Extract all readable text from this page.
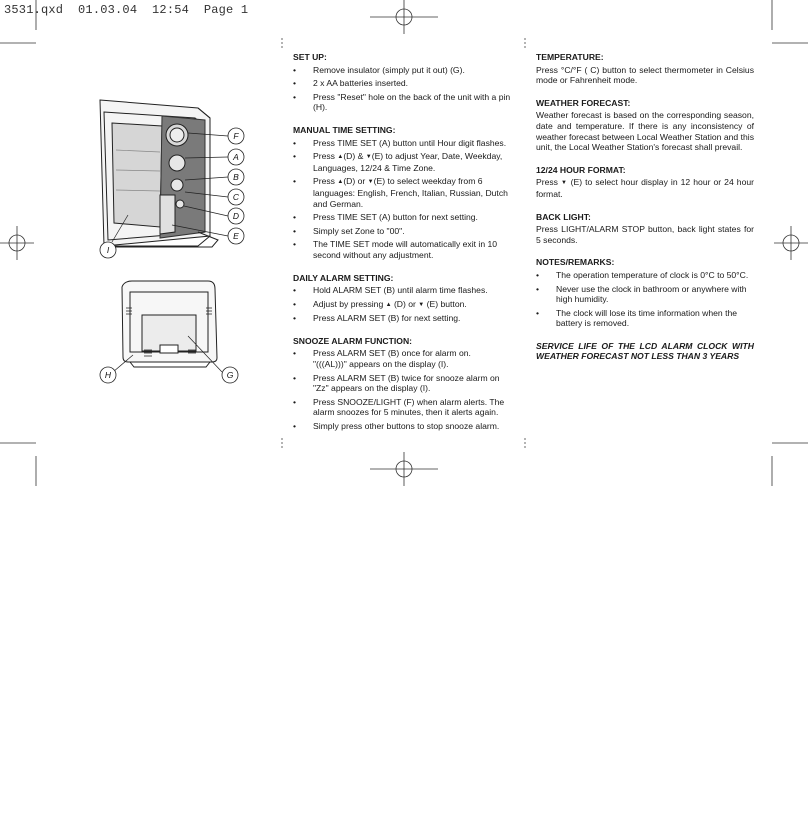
3531.qxd  01.03.04  12:54  Page 1
F
A
B
C
D
E
I
H	G
SET UP:
• Remove insulator (simply put it out) (G).
• 2 x AA batteries inserted.
• Press "Reset" hole on the back of the unit with a pin (H).
MANUAL TIME SETTING:
• Press TIME SET (A) button until Hour digit flashes.
• Press ▲(D) & ▼(E) to adjust Year, Date, Weekday, Languages, 12/24 & Time Zone.
• Press ▲(D) or ▼(E) to select weekday from 6 languages: English, French, Italian, Russian, Dutch and German.
• Press TIME SET (A) button for next setting.
• Simply set Zone to "00".
• The TIME SET mode will automatically exit in 10 second without any adjustment.
DAILY ALARM SETTING:
• Hold ALARM SET (B) until alarm time flashes.
• Adjust by pressing ▲ (D) or ▼ (E) button.
• Press ALARM SET (B) for next setting.
SNOOZE ALARM FUNCTION:
• Press ALARM SET (B) once for alarm on.
"(((AL)))" appears on the display (I).
• Press ALARM SET (B) twice for snooze alarm on "Zz" appears on the display (I).
• Press SNOOZE/LIGHT (F) when alarm alerts. The alarm snoozes for 5 minutes, then it alerts again.
• Simply press other buttons to stop snooze alarm.
TEMPERATURE:

Press °C/°F ( C) button to select thermometer in Celsius mode or Fahrenheit mode.

WEATHER FORECAST:

Weather forecast is based on the corresponding season, date and temperature. If there is any inconsistency of weather forecast between Local Weather Station and this unit, the Local Weather Station's forecast shall prevail.

12/24 HOUR FORMAT:

Press ▼ (E) to select hour display in 12 hour or 24 hour format.

BACK LIGHT:

Press LIGHT/ALARM STOP button, back light states for 5 seconds.

NOTES/REMARKS:
• The operation temperature of clock is 0°C to 50°C.
• Never use the clock in bathroom or anywhere with high humidity.
• The clock will lose its time information when the battery is removed.

SERVICE LIFE OF THE LCD ALARM CLOCK WITH WEATHER FORECAST NOT LESS THAN 3 YEARS
